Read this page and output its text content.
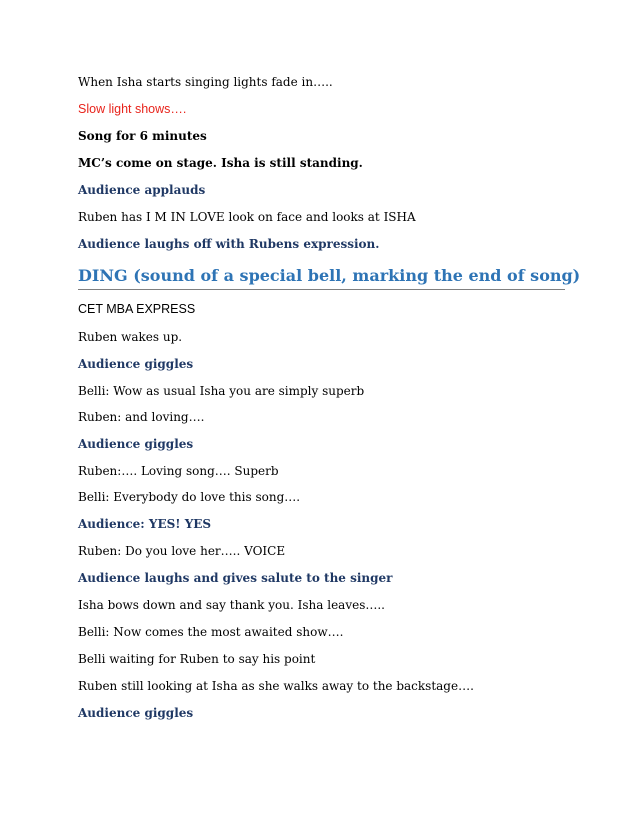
When Isha starts singing lights fade in…..
Slow light shows….
Song for 6 minutes
MC’s come on stage. Isha is still standing.
Audience applauds
Ruben has I M IN LOVE look on face and looks at ISHA
Audience laughs off with Rubens expression.
DING (sound of a special bell, marking the end of song)
CET MBA EXPRESS
Ruben wakes up.
Audience giggles
Belli: Wow as usual Isha you are simply superb
Ruben: and loving….
Audience giggles
Ruben:…. Loving song…. Superb
Belli: Everybody do love this song….
Audience: YES! YES
Ruben: Do you love her….. VOICE
Audience laughs and gives salute to the singer
Isha bows down and say thank you. Isha leaves…..
Belli: Now comes the most awaited show….
Belli waiting for Ruben to say his point
Ruben still looking at Isha as she walks away to the backstage….
Audience giggles
